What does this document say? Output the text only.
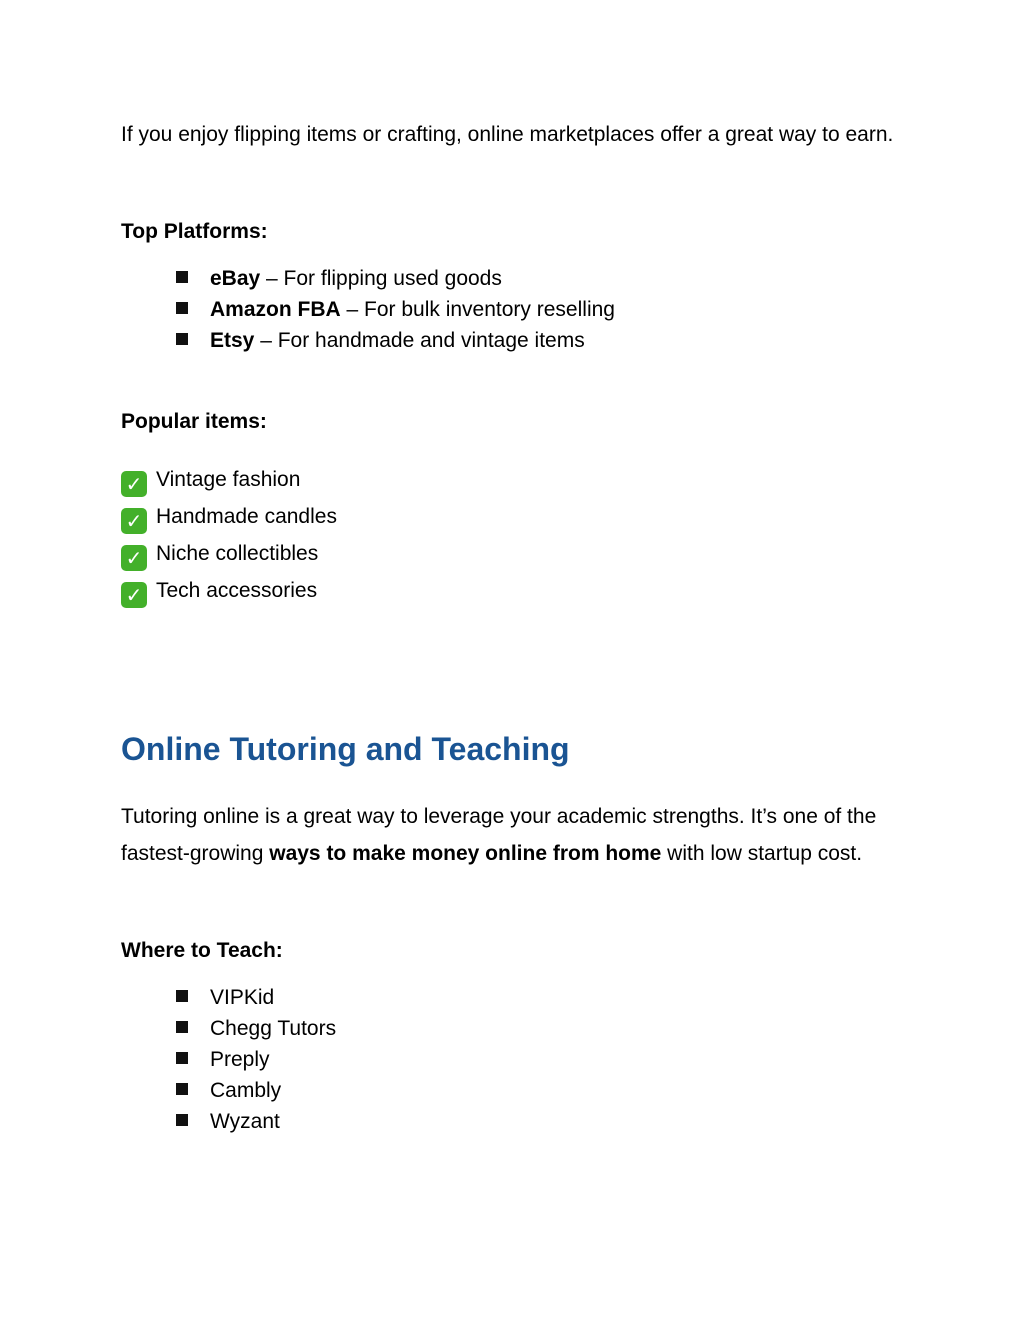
If you enjoy flipping items or crafting, online marketplaces offer a great way to earn.

Top Platforms:

eBay – For flipping used goods
Amazon FBA – For bulk inventory reselling
Etsy – For handmade and vintage items

Popular items:

✓ Vintage fashion
✓ Handmade candles
✓ Niche collectibles
✓ Tech accessories
Online Tutoring and Teaching

Tutoring online is a great way to leverage your academic strengths. It’s one of the fastest-growing ways to make money online from home with low startup cost.

Where to Teach:

VIPKid
Chegg Tutors
Preply
Cambly
Wyzant
